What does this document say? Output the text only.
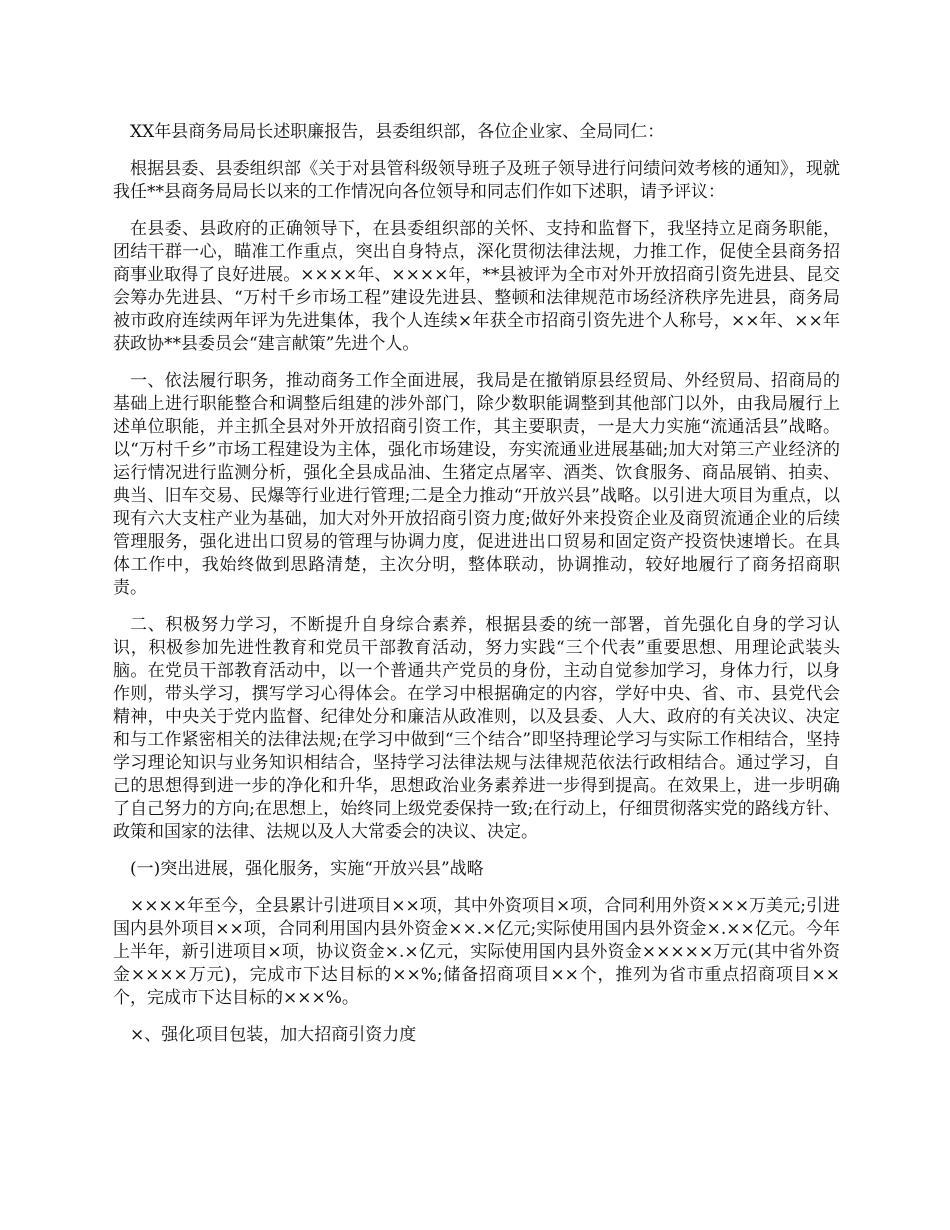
XX年县商务局局长述职廉报告，县委组织部，各位企业家、全局同仁：

根据县委、县委组织部《关于对县管科级领导班子及班子领导进行问绩问效考核的通知》，现就我任**县商务局局长以来的工作情况向各位领导和同志们作如下述职，请予评议：

在县委、县政府的正确领导下，在县委组织部的关怀、支持和监督下，我坚持立足商务职能，团结干群一心，瞄准工作重点，突出自身特点，深化贯彻法律法规，力推工作，促使全县商务招商事业取得了良好进展。××××年、××××年，**县被评为全市对外开放招商引资先进县、昆交会筹办先进县、“万村千乡市场工程”建设先进县、整顿和法律规范市场经济秩序先进县，商务局被市政府连续两年评为先进集体，我个人连续×年获全市招商引资先进个人称号，××年、××年获政协**县委员会“建言献策”先进个人。

一、依法履行职务，推动商务工作全面进展，我局是在撤销原县经贸局、外经贸局、招商局的基础上进行职能整合和调整后组建的涉外部门，除少数职能调整到其他部门以外，由我局履行上述单位职能，并主抓全县对外开放招商引资工作，其主要职责，一是大力实施“流通活县”战略。以“万村千乡”市场工程建设为主体，强化市场建设，夯实流通业进展基础;加大对第三产业经济的运行情况进行监测分析，强化全县成品油、生猪定点屠宰、酒类、饮食服务、商品展销、拍卖、典当、旧车交易、民爆等行业进行管理;二是全力推动“开放兴县”战略。以引进大项目为重点，以现有六大支柱产业为基础，加大对外开放招商引资力度;做好外来投资企业及商贸流通企业的后续管理服务，强化进出口贸易的管理与协调力度，促进进出口贸易和固定资产投资快速增长。在具体工作中，我始终做到思路清楚，主次分明，整体联动，协调推动，较好地履行了商务招商职责。

二、积极努力学习，不断提升自身综合素养，根据县委的统一部署，首先强化自身的学习认识，积极参加先进性教育和党员干部教育活动，努力实践“三个代表”重要思想、用理论武装头脑。在党员干部教育活动中，以一个普通共产党员的身份，主动自觉参加学习，身体力行，以身作则，带头学习，撰写学习心得体会。在学习中根据确定的内容，学好中央、省、市、县党代会精神，中央关于党内监督、纪律处分和廉洁从政准则，以及县委、人大、政府的有关决议、决定和与工作紧密相关的法律法规;在学习中做到“三个结合”即坚持理论学习与实际工作相结合，坚持学习理论知识与业务知识相结合，坚持学习法律法规与法律规范依法行政相结合。通过学习，自己的思想得到进一步的净化和升华，思想政治业务素养进一步得到提高。在效果上，进一步明确了自己努力的方向;在思想上，始终同上级党委保持一致;在行动上，仔细贯彻落实党的路线方针、政策和国家的法律、法规以及人大常委会的决议、决定。

(一)突出进展，强化服务，实施“开放兴县”战略

××××年至今，全县累计引进项目××项，其中外资项目×项，合同利用外资×××万美元;引进国内县外项目××项，合同利用国内县外资金××.×亿元;实际使用国内县外资金×.××亿元。今年上半年，新引进项目×项，协议资金×.×亿元，实际使用国内县外资金×××××万元(其中省外资金××××万元)，完成市下达目标的××%;储备招商项目××个，推列为省市重点招商项目××个，完成市下达目标的×××%。

×、强化项目包装，加大招商引资力度
